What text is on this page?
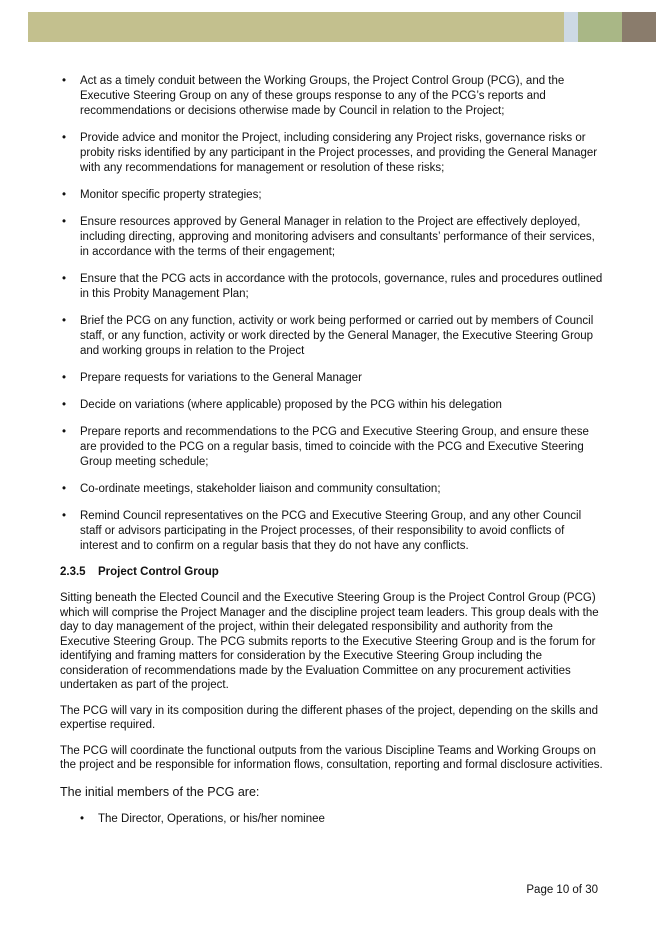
• Act as a timely conduit between the Working Groups, the Project Control Group (PCG), and the Executive Steering Group on any of these groups response to any of the PCG’s reports and recommendations or decisions otherwise made by Council in relation to the Project;
• Provide advice and monitor the Project, including considering any Project risks, governance risks or probity risks identified by any participant in the Project processes, and providing the General Manager with any recommendations for management or resolution of these risks;
• Monitor specific property strategies;
• Ensure resources approved by General Manager in relation to the Project are effectively deployed, including directing, approving and monitoring advisers and consultants’ performance of their services, in accordance with the terms of their engagement;
• Ensure that the PCG acts in accordance with the protocols, governance, rules and procedures outlined in this Probity Management Plan;
• Brief the PCG on any function, activity or work being performed or carried out by members of Council staff, or any function, activity or work directed by the General Manager, the Executive Steering Group and working groups in relation to the Project
• Prepare requests for variations to the General Manager
• Decide on variations (where applicable) proposed by the PCG within his delegation
• Prepare reports and recommendations to the PCG and Executive Steering Group, and ensure these are provided to the PCG on a regular basis, timed to coincide with the PCG and Executive Steering Group meeting schedule;
• Co-ordinate meetings, stakeholder liaison and community consultation;
• Remind Council representatives on the PCG and Executive Steering Group, and any other Council staff or advisors participating in the Project processes, of their responsibility to avoid conflicts of interest and to confirm on a regular basis that they do not have any conflicts.
2.3.5 Project Control Group

Sitting beneath the Elected Council and the Executive Steering Group is the Project Control Group (PCG) which will comprise the Project Manager and the discipline project team leaders. This group deals with the day to day management of the project, within their delegated responsibility and authority from the Executive Steering Group. The PCG submits reports to the Executive Steering Group and is the forum for identifying and framing matters for consideration by the Executive Steering Group including the consideration of recommendations made by the Evaluation Committee on any procurement activities undertaken as part of the project.

The PCG will vary in its composition during the different phases of the project, depending on the skills and expertise required.

The PCG will coordinate the functional outputs from the various Discipline Teams and Working Groups on the project and be responsible for information flows, consultation, reporting and formal disclosure activities.

The initial members of the PCG are:

• The Director, Operations, or his/her nominee
Page 10 of 30
